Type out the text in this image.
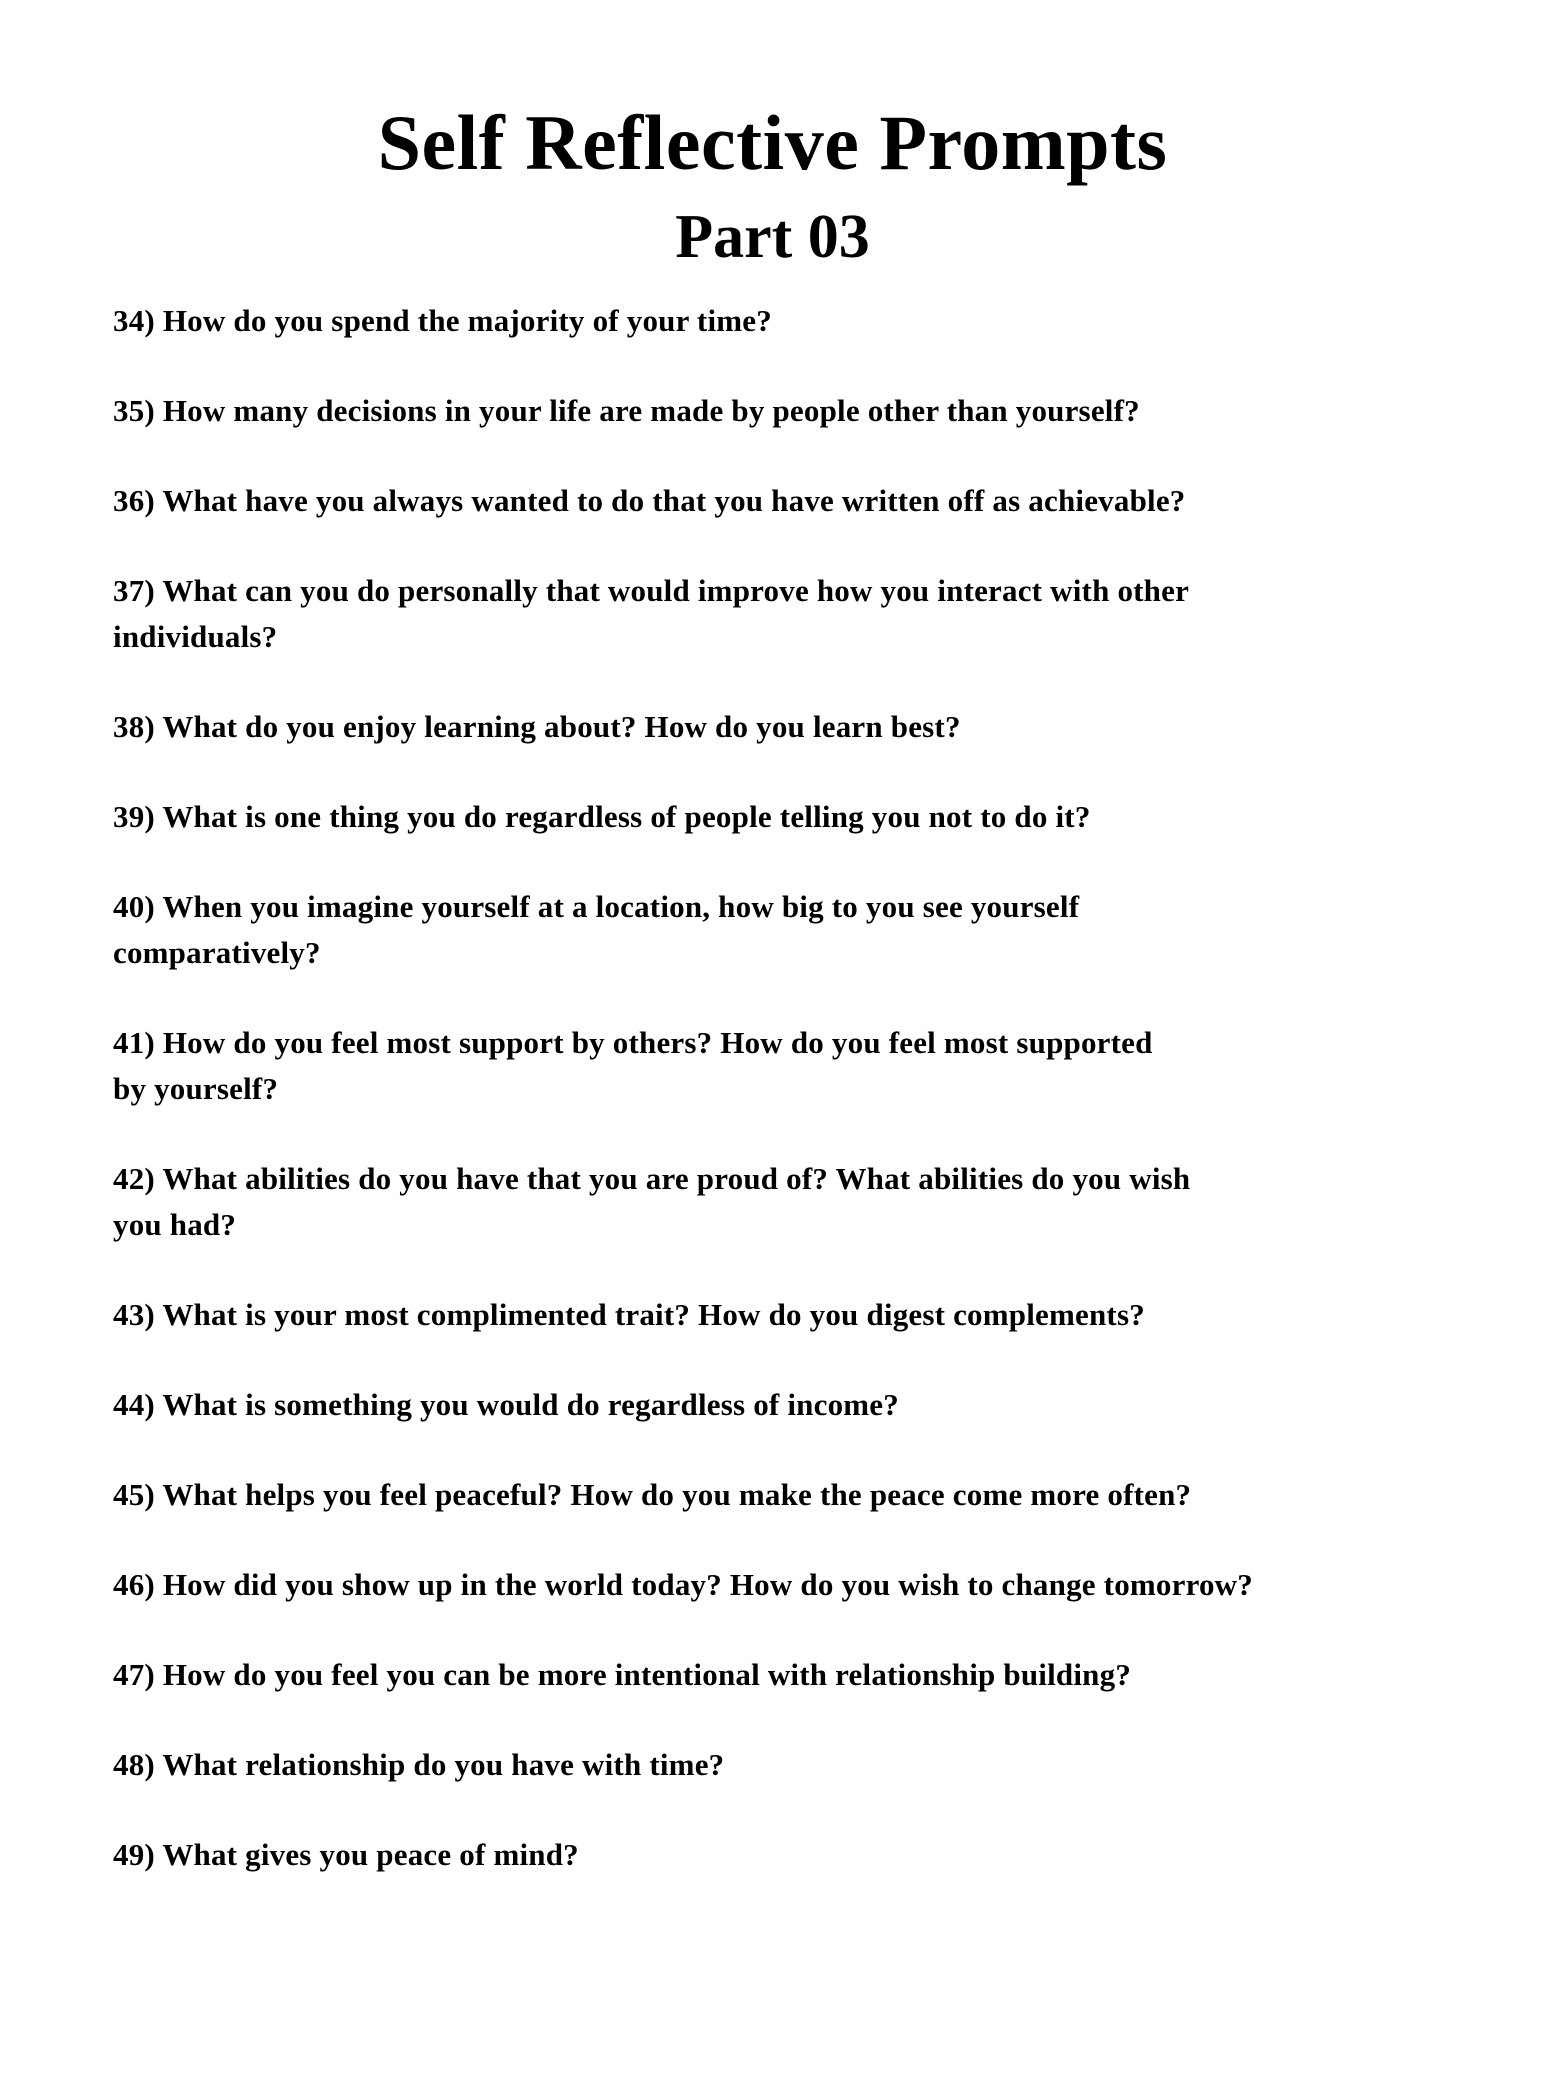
Self Reflective Prompts
Part 03

34) How do you spend the majority of your time?

35) How many decisions in your life are made by people other than yourself?

36) What have you always wanted to do that you have written off as achievable?

37) What can you do personally that would improve how you interact with other
individuals?

38) What do you enjoy learning about? How do you learn best?

39) What is one thing you do regardless of people telling you not to do it?

40) When you imagine yourself at a location, how big to you see yourself
comparatively?

41) How do you feel most support by others? How do you feel most supported
by yourself?

42) What abilities do you have that you are proud of? What abilities do you wish
you had?

43) What is your most complimented trait? How do you digest complements?

44) What is something you would do regardless of income?

45) What helps you feel peaceful? How do you make the peace come more often?

46) How did you show up in the world today? How do you wish to change tomorrow?

47) How do you feel you can be more intentional with relationship building?

48) What relationship do you have with time?

49) What gives you peace of mind?
